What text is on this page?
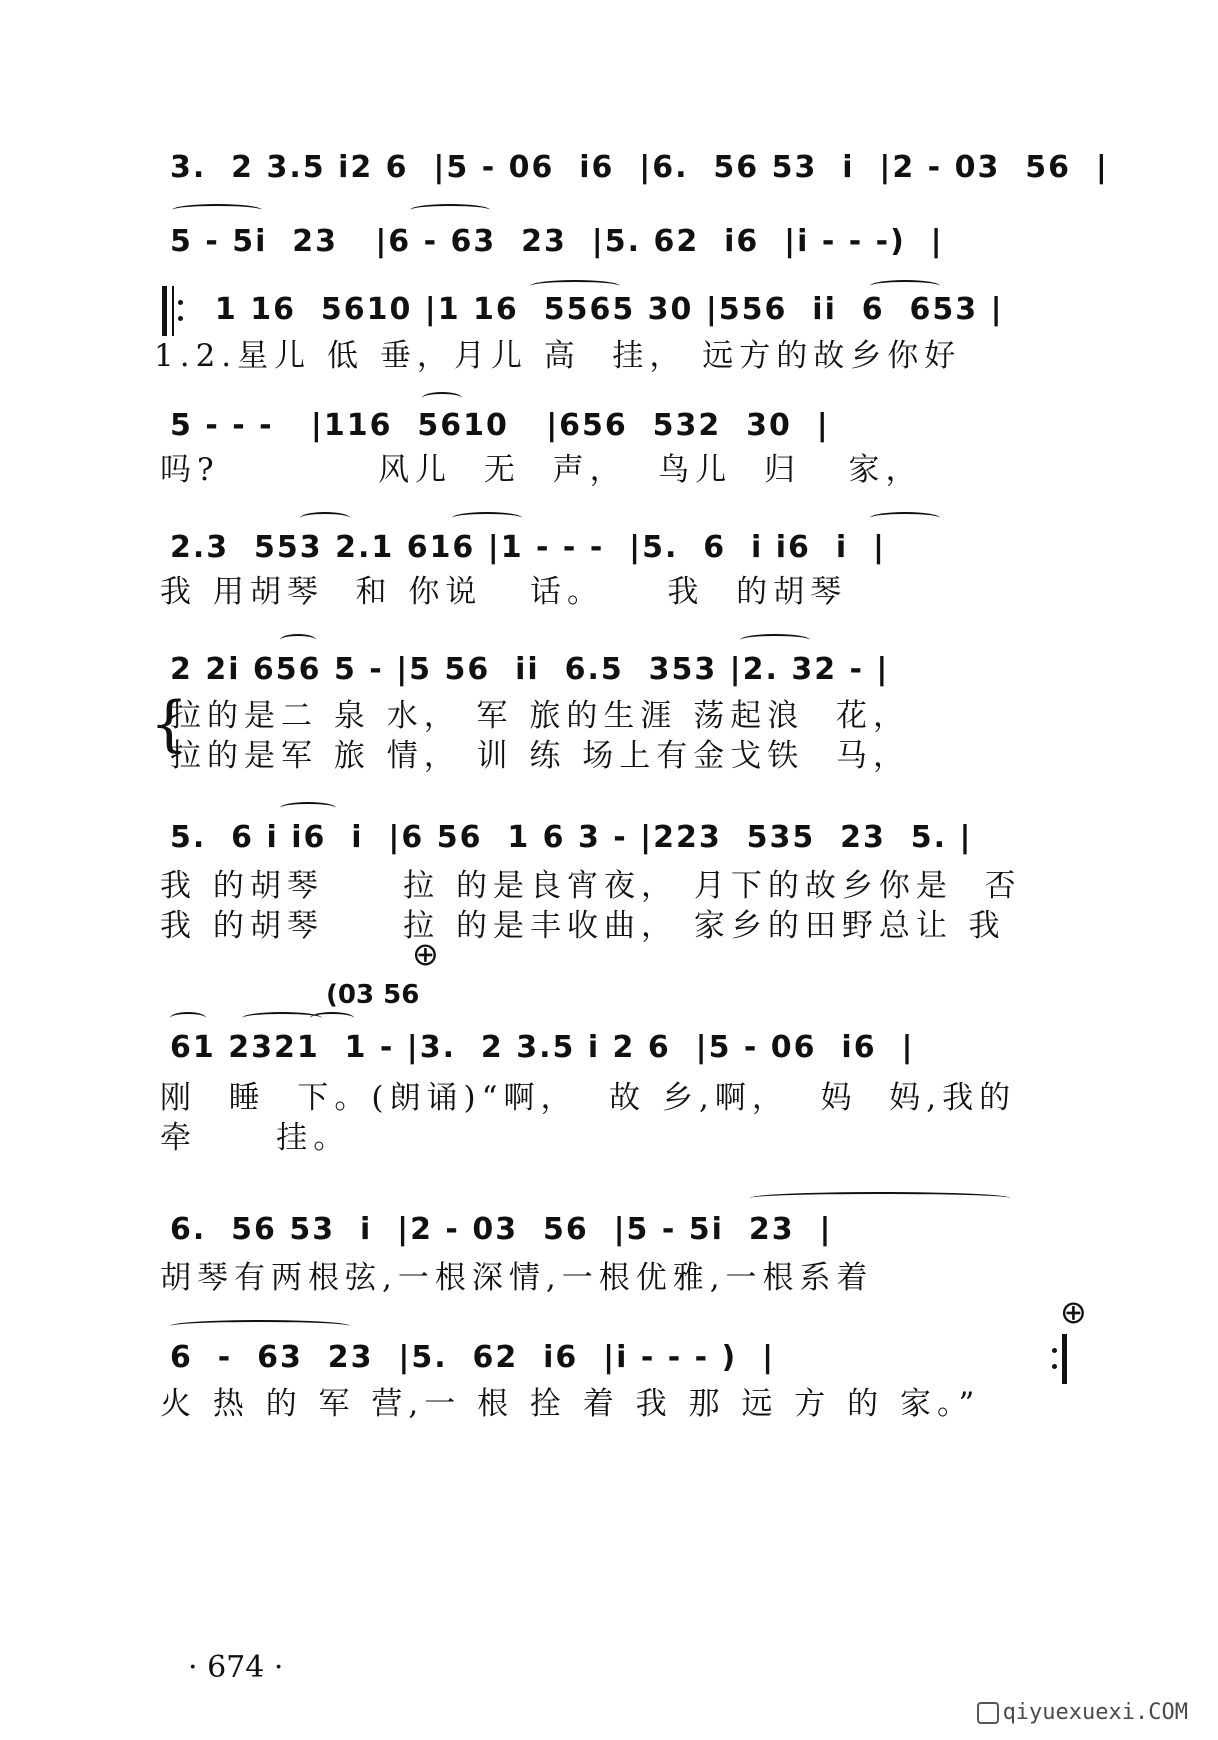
3.  2 3.5 i2 6  |5 - 06  i6  |6.  56 53  i  |2 - 03  56  |
5 - 5i  23   |6 - 63  23  |5. 62  i6  |i - - -)  |
1 16  5610 |1 16  5565 30 |556  ii  6  653 |
1.2.星儿 低 垂，月儿 高  挂， 远方的故乡你好
5 - - -   |116  5610   |656  532  30  |
吗?          风儿  无  声，  鸟儿  归   家，
2.3  553 2.1 616 |1 - - -  |5.  6  i i6  i  |
我 用胡琴  和 你说   话。    我  的胡琴
2 2i 656 5 - |5 56  ii  6.5  353 |2. 32 - |
{
拉的是二 泉 水， 军 旅的生涯 荡起浪  花，
拉的是军 旅 情， 训 练 场上有金戈铁  马，
5.  6 i i6  i  |6 56  1 6 3 - |223  535  23  5. |
我 的胡琴     拉 的是良宵夜， 月下的故乡你是  否
我 的胡琴     拉 的是丰收曲， 家乡的田野总让 我
⊕
(03 56
61 2321  1 - |3.  2 3.5 i 2 6  |5 - 06  i6  |
刚  睡  下。(朗诵)“啊，  故 乡,啊，  妈  妈,我的
牵     挂。
6.  56 53  i  |2 - 03  56  |5 - 5i  23  |
胡琴有两根弦,一根深情,一根优雅,一根系着
⊕
6  -  63  23  |5.  62  i6  |i - - - )  |
火 热 的 军 营,一 根 拴 着 我 那 远 方 的 家。”
· 674 ·
qiyuexuexi.COM
